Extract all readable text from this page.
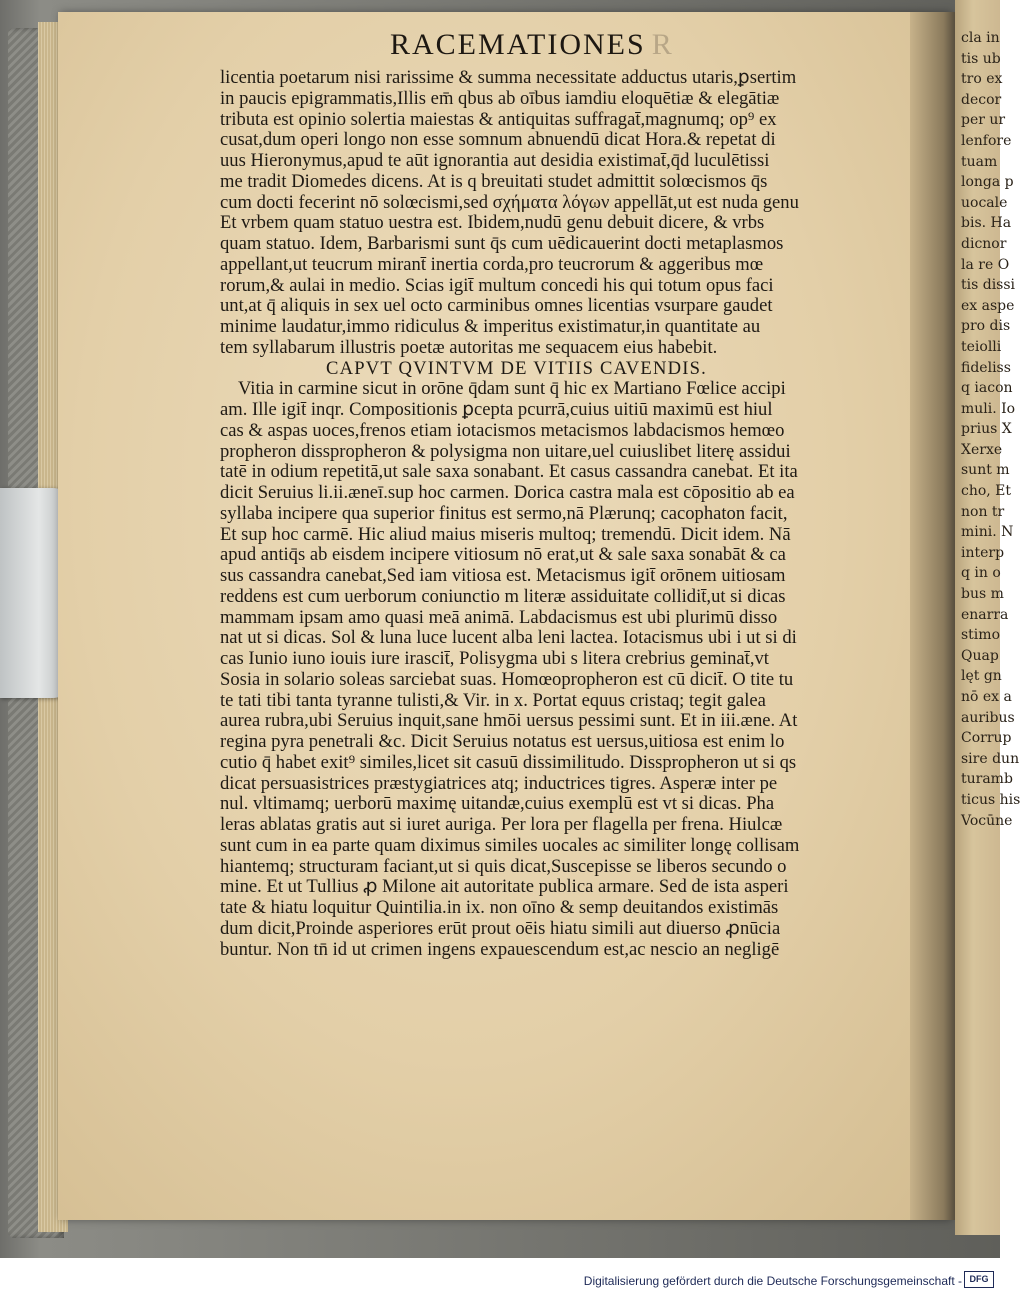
cla in
tis ub
tro ex
decor
per ur
lenfore
tuam
longa p
uocale
bis. Ha
dicnor
la re O
tis dissi
ex aspe
pro dis
teiolli
fideliss
q iacon
muli. Io
prius X
Xerxe
sunt m
cho, Et
non tr
mini. N
interp
q in o
bus m
enarra
stimo
Quap
lęt gn
nō ex a
auribus
Corrup
sire dun
turamb
ticus his
Vocūne
RACEMATIONES R
licentia poetarum nisi rarissime & summa necessitate adductus utaris,ꝑsertim
in paucis epigrammatis,Illis em̄ qbus ab oībus iamdiu eloquētiæ & elegātiæ
tributa est opinio solertia maiestas & antiquitas suffragat̄,magnumq; op⁹ ex
cusat,dum operi longo non esse somnum abnuendū dicat Hora.& repetat di
uus Hieronymus,apud te aūt ignorantia aut desidia existimat̄,q̄d luculētissi
me tradit Diomedes dicens. At is q breuitati studet admittit solœcismos q̄s
cum docti fecerint nō solœcismi,sed σχήματα λόγων appellāt,ut est nuda genu
Et vrbem quam statuo uestra est. Ibidem,nudū genu debuit dicere, & vrbs
quam statuo. Idem, Barbarismi sunt q̄s cum uēdicauerint docti metaplasmos
appellant,ut teucrum mirant̄ inertia corda,pro teucrorum & aggeribus mœ
rorum,& aulai in medio. Scias igit̄ multum concedi his qui totum opus faci
unt,at q̄ aliquis in sex uel octo carminibus omnes licentias vsurpare gaudet
minime laudatur,immo ridiculus & imperitus existimatur,in quantitate au
tem syllabarum illustris poetæ autoritas me sequacem eius habebit.
CAPVT QVINTVM DE VITIIS CAVENDIS.
Vitia in carmine sicut in orōne q̄dam sunt q̄ hic ex Martiano Fœlice accipi
am. Ille igit̄ inqr. Compositionis ꝑcepta pcurrā,cuius uitiū maximū est hiul
cas & aspas uoces,frenos etiam iotacismos metacismos labdacismos hemœo
propheron disspropheron & polysigma non uitare,uel cuiuslibet literę assidui
tatē in odium repetitā,ut sale saxa sonabant. Et casus cassandra canebat. Et ita
dicit Seruius li.ii.æneī.sup hoc carmen. Dorica castra mala est cōpositio ab ea
syllaba incipere qua superior finitus est sermo,nā Plærunq; cacophaton facit,
Et sup hoc carmē. Hic aliud maius miseris multoq; tremendū. Dicit idem. Nā
apud antiq̄s ab eisdem incipere vitiosum nō erat,ut & sale saxa sonabāt & ca
sus cassandra canebat,Sed iam vitiosa est. Metacismus igit̄ orōnem uitiosam
reddens est cum uerborum coniunctio m literæ assiduitate collidit̄,ut si dicas
mammam ipsam amo quasi meā animā. Labdacismus est ubi plurimū disso
nat ut si dicas. Sol & luna luce lucent alba leni lactea. Iotacismus ubi i ut si di
cas Iunio iuno iouis iure irascit̄, Polisygma ubi s litera crebrius geminat̄,vt
Sosia in solario soleas sarciebat suas. Homœopropheron est cū dicit̄. O tite tu
te tati tibi tanta tyranne tulisti,& Vir. in x. Portat equus cristaq; tegit galea
aurea rubra,ubi Seruius inquit,sane hmōi uersus pessimi sunt. Et in iii.æne. At
regina pyra penetrali &c. Dicit Seruius notatus est uersus,uitiosa est enim lo
cutio q̄ habet exit⁹ similes,licet sit casuū dissimilitudo. Disspropheron ut si qs
dicat persuasistrices præstygiatrices atq; inductrices tigres. Asperæ inter pe
nul. vltimamq; uerborū maximę uitandæ,cuius exemplū est vt si dicas. Pha
leras ablatas gratis aut si iuret auriga. Per lora per flagella per frena. Hiulcæ
sunt cum in ea parte quam diximus similes uocales ac similiter longę collisam
hiantemq; structuram faciant,ut si quis dicat,Suscepisse se liberos secundo o
mine. Et ut Tullius ꝓ Milone ait autoritate publica armare. Sed de ista asperi
tate & hiatu loquitur Quintilia.in ix. non oīno & semp deuitandos existimās
dum dicit,Proinde asperiores erūt prout oēis hiatu simili aut diuerso ꝓnūcia
buntur. Non tn̄ id ut crimen ingens expauescendum est,ac nescio an negligē
Digitalisierung gefördert durch die Deutsche Forschungsgemeinschaft - DFG
